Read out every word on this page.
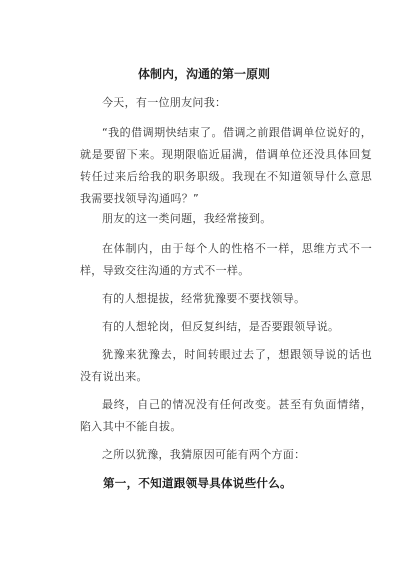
体制内，沟通的第一原则

今天，有一位朋友问我：

“我的借调期快结束了。借调之前跟借调单位说好的，就是要留下来。现期限临近届满，借调单位还没具体回复转任过来后给我的职务职级。我现在不知道领导什么意思我需要找领导沟通吗？”

朋友的这一类问题，我经常接到。

在体制内，由于每个人的性格不一样，思维方式不一样，导致交往沟通的方式不一样。

有的人想提拔，经常犹豫要不要找领导。

有的人想轮岗，但反复纠结，是否要跟领导说。

犹豫来犹豫去，时间转眼过去了，想跟领导说的话也没有说出来。

最终，自己的情况没有任何改变。甚至有负面情绪，陷入其中不能自拔。

之所以犹豫，我猜原因可能有两个方面：

第一，不知道跟领导具体说些什么。
